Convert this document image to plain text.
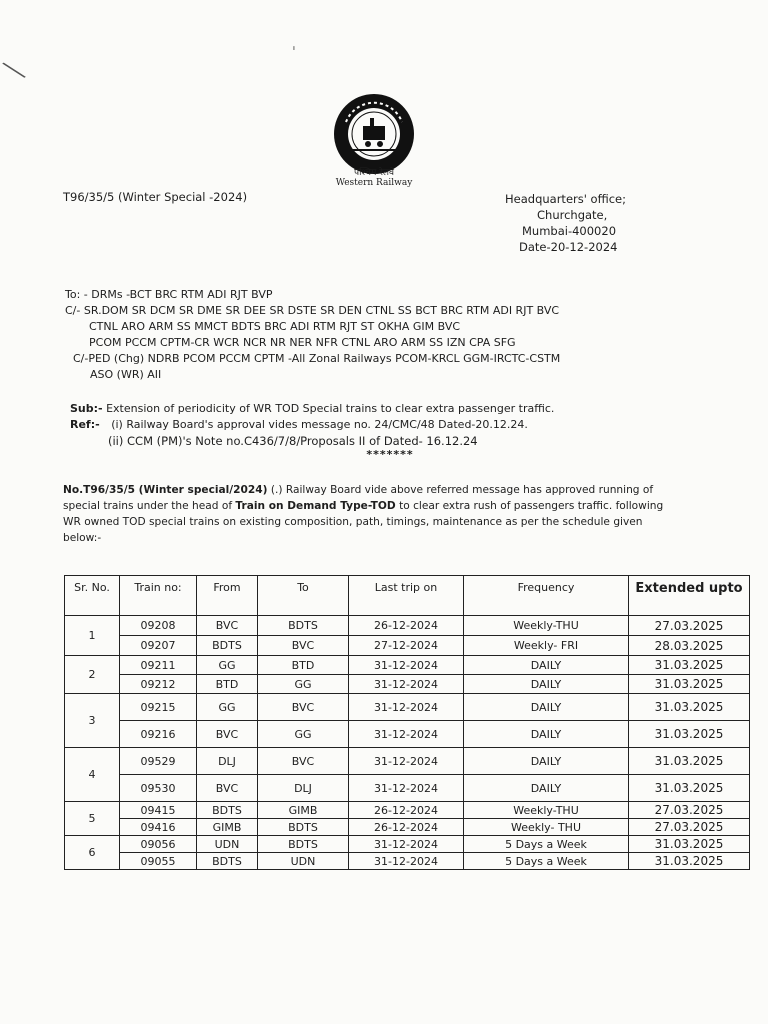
╲
ˌ
पश्चिम रेलवे
Western Railway
T96/35/5 (Winter Special -2024)	Headquarters' office;
Churchgate,
Mumbai-400020
Date-20-12-2024
To: - DRMs -BCT BRC RTM ADI RJT BVP
C/- SR.DOM SR DCM SR DME SR DEE SR DSTE SR DEN CTNL SS BCT BRC RTM ADI RJT BVC
CTNL ARO ARM SS MMCT BDTS BRC ADI RTM RJT ST OKHA GIM BVC
PCOM PCCM CPTM-CR WCR NCR NR NER NFR CTNL ARO ARM SS IZN CPA SFG
C/-PED (Chg) NDRB PCOM PCCM CPTM -All Zonal Railways PCOM-KRCL GGM-IRCTC-CSTM
ASO (WR) AII
Sub:- Extension of periodicity of WR TOD Special trains to clear extra passenger traffic.
Ref:- (i) Railway Board's approval vides message no. 24/CMC/48 Dated-20.12.24.
(ii) CCM (PM)'s Note no.C436/7/8/Proposals II of Dated- 16.12.24
*******
No.T96/35/5 (Winter special/2024) (.) Railway Board vide above referred message has approved running of special trains under the head of Train on Demand Type-TOD to clear extra rush of passengers traffic. following WR owned TOD special trains on existing composition, path, timings, maintenance as per the schedule given below:-
Sr. No.	Train no:	From	To	Last trip on	Frequency	Extended upto
1	09208	BVC	BDTS	26-12-2024	Weekly-THU	27.03.2025
	09207	BDTS	BVC	27-12-2024	Weekly- FRI	28.03.2025
2	09211	GG	BTD	31-12-2024	DAILY	31.03.2025
	09212	BTD	GG	31-12-2024	DAILY	31.03.2025
3	09215	GG	BVC	31-12-2024	DAILY	31.03.2025
	09216	BVC	GG	31-12-2024	DAILY	31.03.2025
4	09529	DLJ	BVC	31-12-2024	DAILY	31.03.2025
	09530	BVC	DLJ	31-12-2024	DAILY	31.03.2025
5	09415	BDTS	GIMB	26-12-2024	Weekly-THU	27.03.2025
	09416	GIMB	BDTS	26-12-2024	Weekly- THU	27.03.2025
6	09056	UDN	BDTS	31-12-2024	5 Days a Week	31.03.2025
	09055	BDTS	UDN	31-12-2024	5 Days a Week	31.03.2025
